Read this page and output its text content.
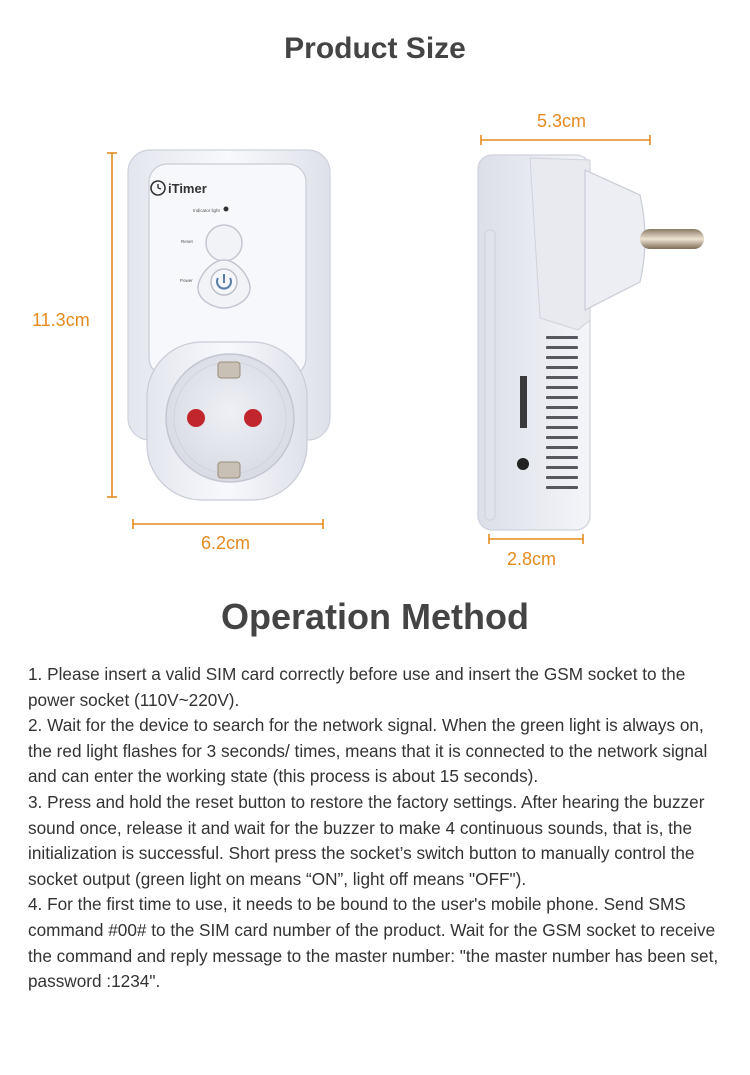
Product Size
iTimer
Indicator light
Reset
Power
11.3cm
6.2cm
5.3cm
2.8cm
Operation Method

1. Please insert a valid SIM card correctly before use and insert the GSM socket to the power socket (110V~220V).

2. Wait for the device to search for the network signal. When the green light is always on, the red light flashes for 3 seconds/ times, means that it is connected to the network signal and can enter the working state (this process is about 15 seconds).

3. Press and hold the reset button to restore the factory settings. After hearing the buzzer sound once, release it and wait for the buzzer to make 4 continuous sounds, that is, the initialization is successful. Short press the socket’s switch button to manually control the socket output (green light on means “ON”, light off means "OFF").

4. For the first time to use, it needs to be bound to the user's mobile phone. Send SMS command #00# to the SIM card number of the product. Wait for the GSM socket to receive the command and reply message to the master number: "the master number has been set, password :1234".
